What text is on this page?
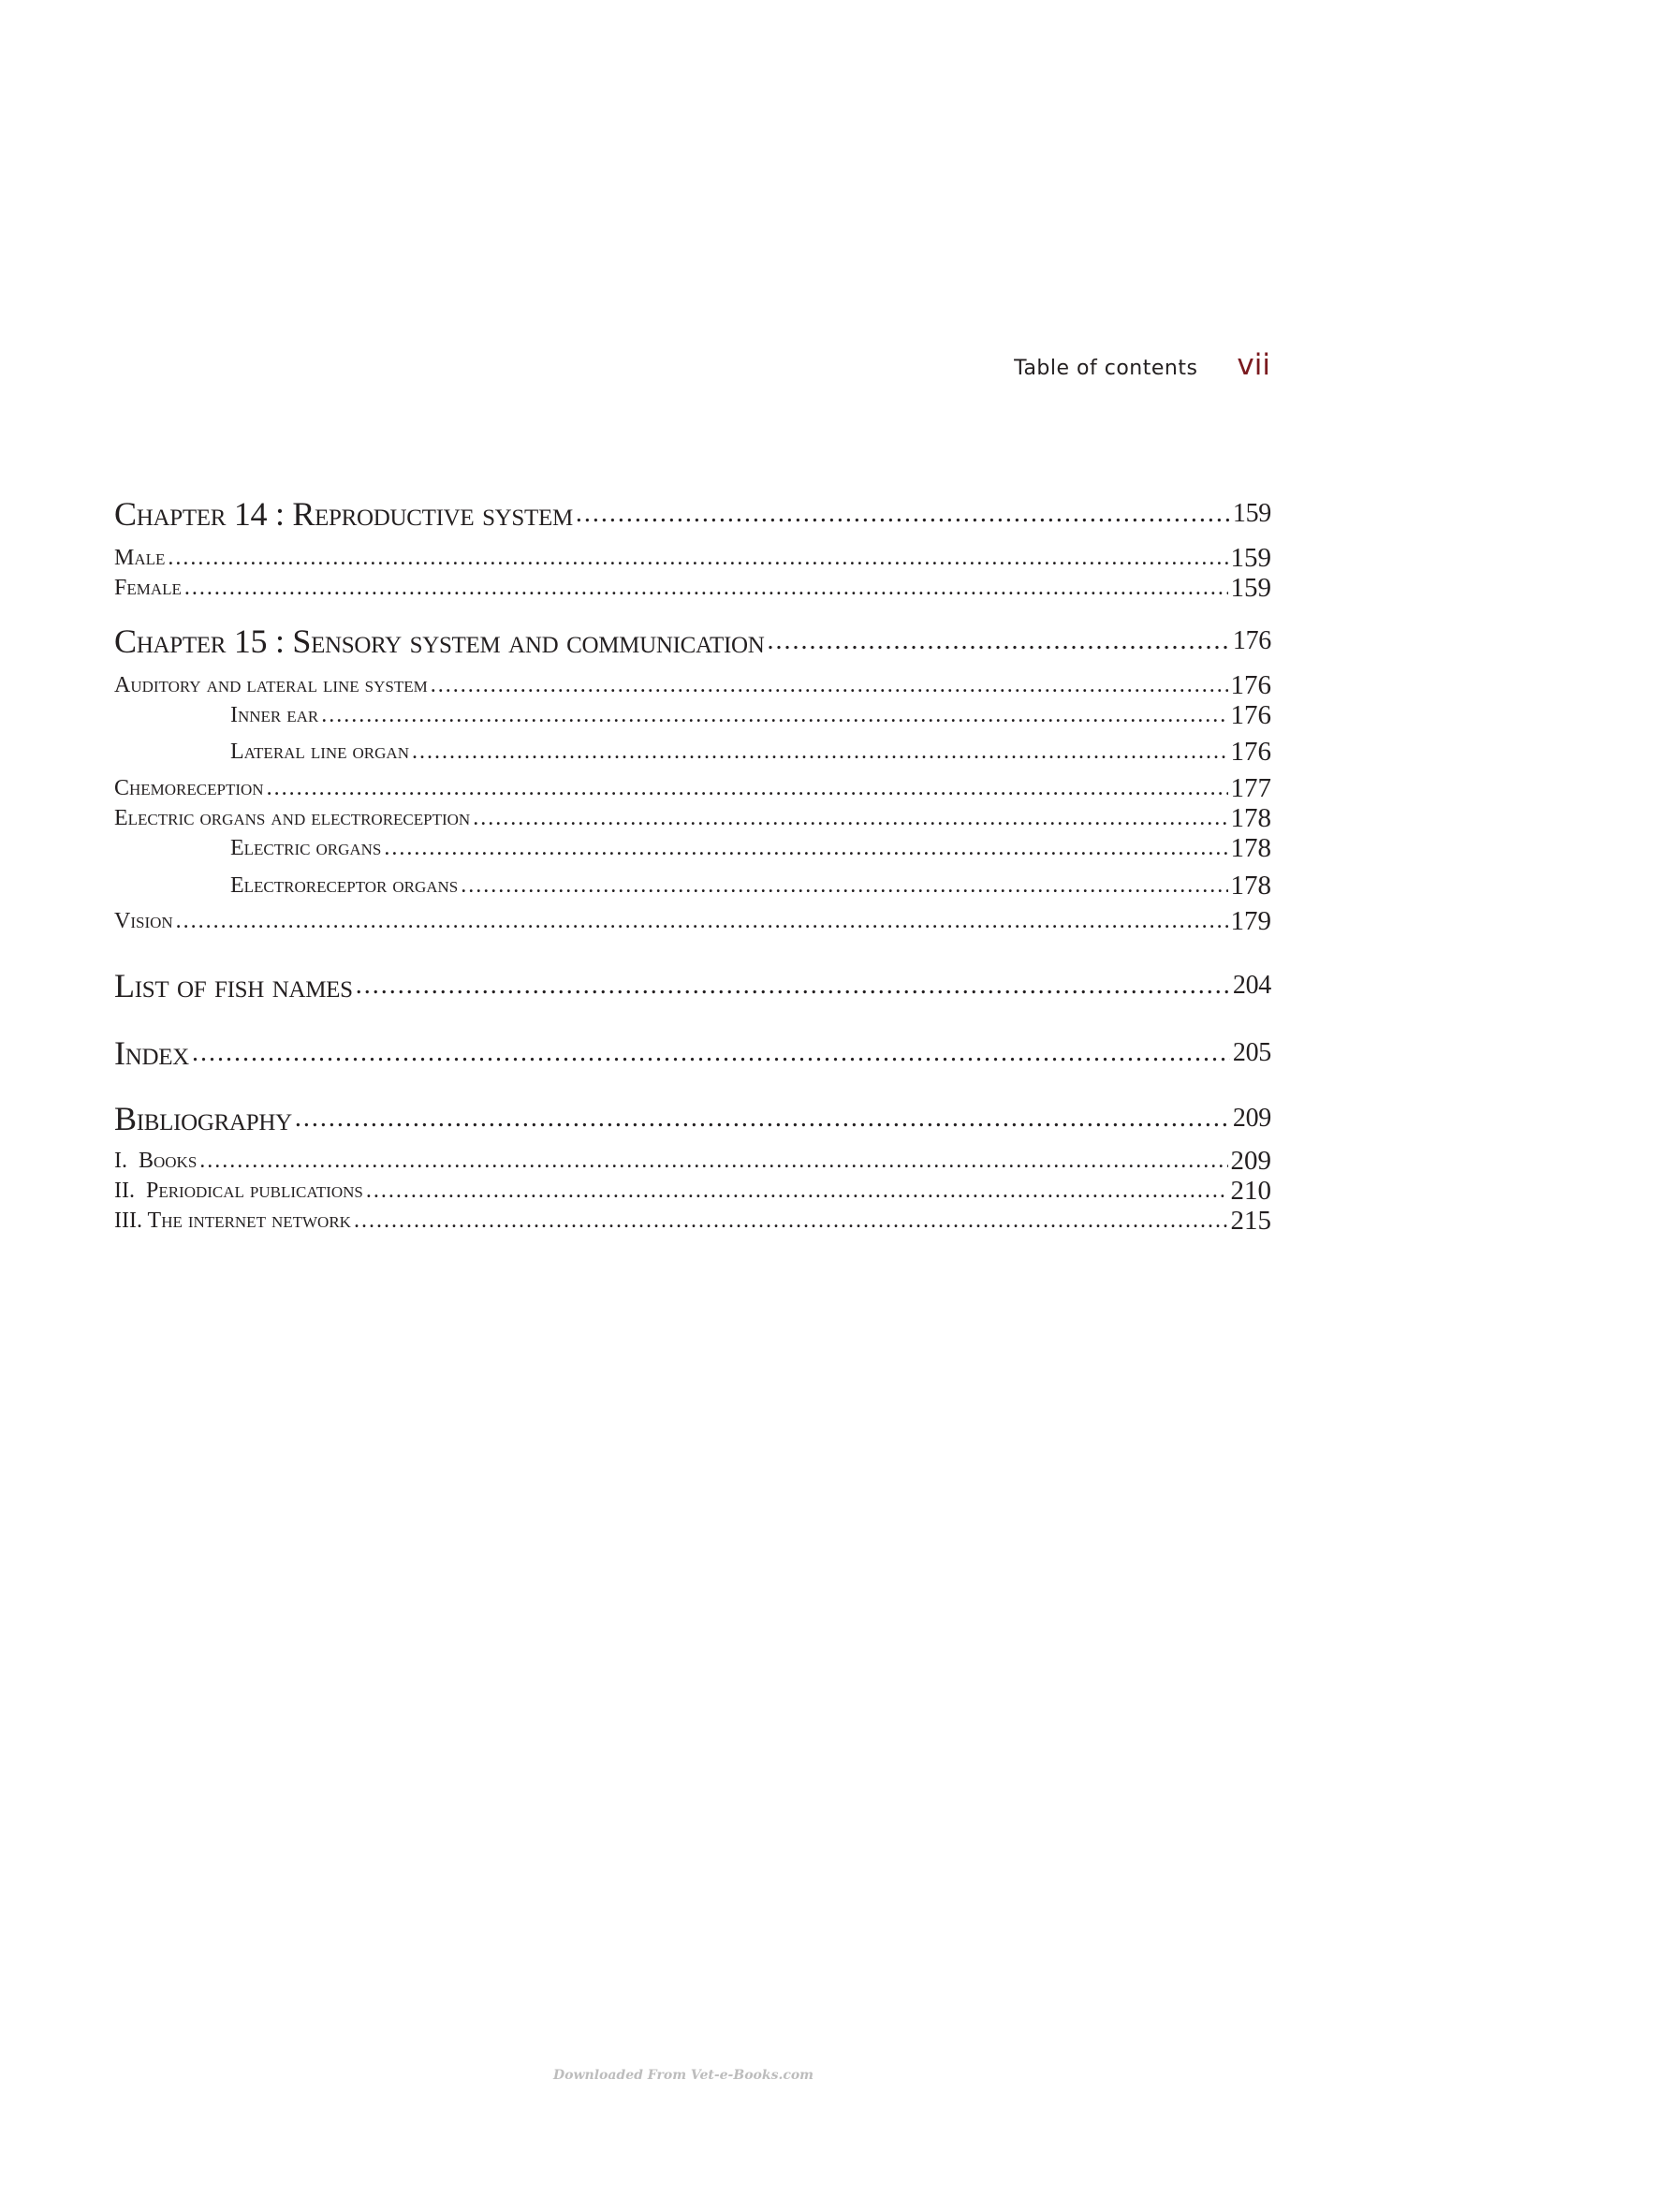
Table of contents vii
Chapter 14 : Reproductive system .....	159
Male .....	159
Female .....	159
Chapter 15 : Sensory system and communication .....	176
Auditory and lateral line system .....	176
Inner ear .....	176
Lateral line organ .....	176
Chemoreception .....	177
Electric organs and electroreception .....	178
Electric organs .....	178
Electroreceptor organs .....	178
Vision .....	179
List of fish names .....	204
Index .....	205
Bibliography .....	209
I.  Books .....	209
II.  Periodical publications .....	210
III. The internet network .....	215
Downloaded From Vet-e-Books.com
